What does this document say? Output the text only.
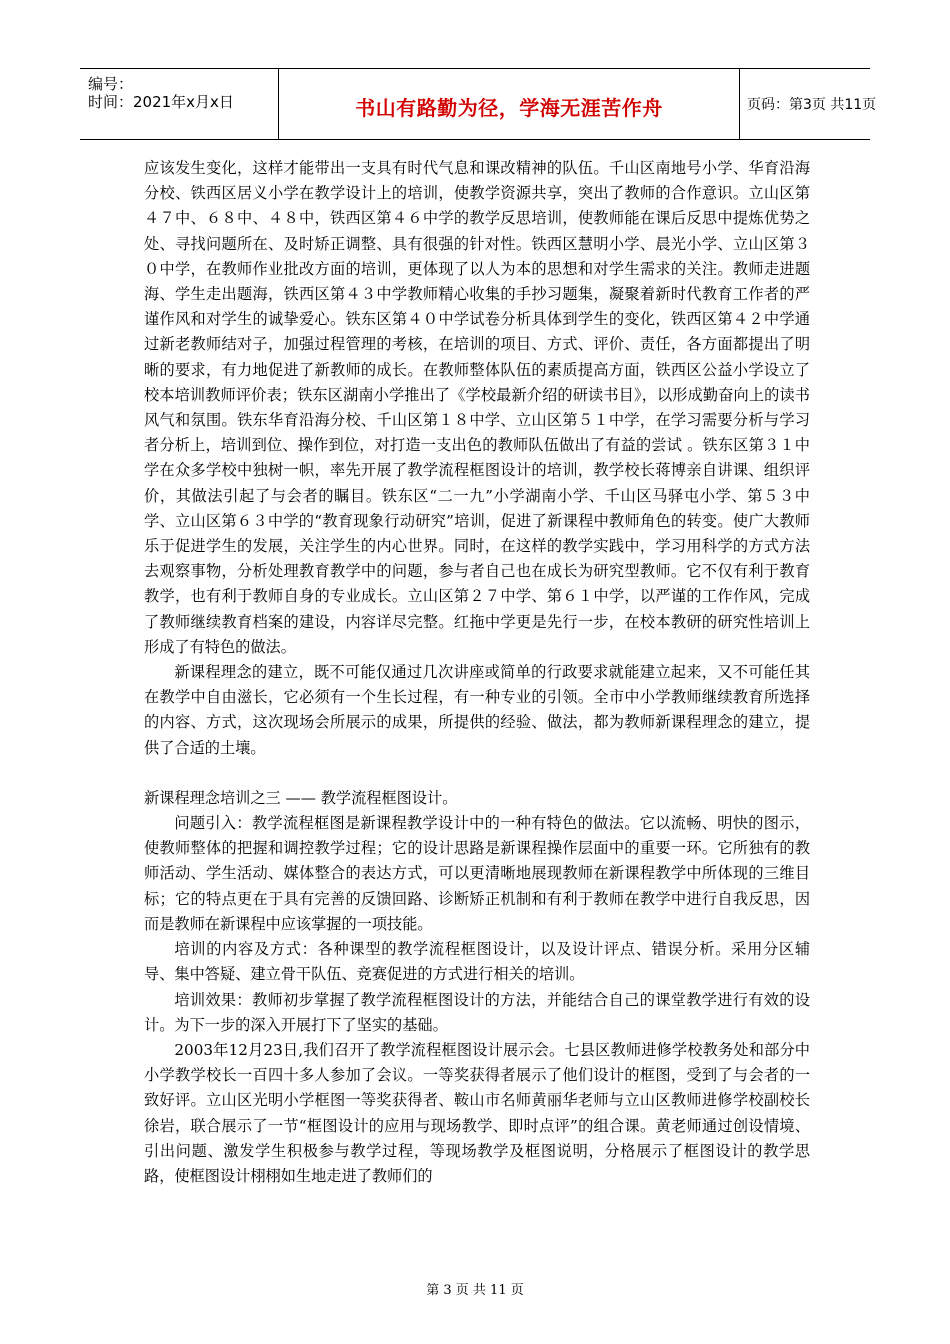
编号：
时间：2021年x月x日	书山有路勤为径，学海无涯苦作舟	页码：第3页 共11页

应该发生变化，这样才能带出一支具有时代气息和课改精神的队伍。千山区南地号小学、华育沿海分校、铁西区居义小学在教学设计上的培训，使教学资源共享，突出了教师的合作意识。立山区第４７中、６８中、４８中，铁西区第４６中学的教学反思培训，使教师能在课后反思中提炼优势之处、寻找问题所在、及时矫正调整、具有很强的针对性。铁西区慧明小学、晨光小学、立山区第３０中学，在教师作业批改方面的培训，更体现了以人为本的思想和对学生需求的关注。教师走进题海、学生走出题海，铁西区第４３中学教师精心收集的手抄习题集，凝聚着新时代教育工作者的严谨作风和对学生的诚挚爱心。铁东区第４０中学试卷分析具体到学生的变化，铁西区第４２中学通过新老教师结对子，加强过程管理的考核，在培训的项目、方式、评价、责任，各方面都提出了明晰的要求，有力地促进了新教师的成长。在教师整体队伍的素质提高方面，铁西区公益小学设立了校本培训教师评价表；铁东区湖南小学推出了《学校最新介绍的研读书目》，以形成勤奋向上的读书风气和氛围。铁东华育沿海分校、千山区第１８中学、立山区第５１中学，在学习需要分析与学习者分析上，培训到位、操作到位，对打造一支出色的教师队伍做出了有益的尝试 。铁东区第３１中学在众多学校中独树一帜，率先开展了教学流程框图设计的培训，教学校长蒋博亲自讲课、组织评价，其做法引起了与会者的瞩目。铁东区“二一九”小学湖南小学、千山区马驿屯小学、第５３中学、立山区第６３中学的“教育现象行动研究”培训，促进了新课程中教师角色的转变。使广大教师乐于促进学生的发展，关注学生的内心世界。同时，在这样的教学实践中，学习用科学的方式方法去观察事物，分析处理教育教学中的问题，参与者自己也在成长为研究型教师。它不仅有利于教育教学，也有利于教师自身的专业成长。立山区第２７中学、第６１中学，以严谨的工作作风，完成了教师继续教育档案的建设，内容详尽完整。红拖中学更是先行一步，在校本教研的研究性培训上形成了有特色的做法。

新课程理念的建立，既不可能仅通过几次讲座或简单的行政要求就能建立起来，又不可能任其在教学中自由滋长，它必须有一个生长过程，有一种专业的引领。全市中小学教师继续教育所选择的内容、方式，这次现场会所展示的成果，所提供的经验、做法，都为教师新课程理念的建立，提供了合适的土壤。

新课程理念培训之三 —— 教学流程框图设计。

问题引入：教学流程框图是新课程教学设计中的一种有特色的做法。它以流畅、明快的图示，使教师整体的把握和调控教学过程；它的设计思路是新课程操作层面中的重要一环。它所独有的教师活动、学生活动、媒体整合的表达方式，可以更清晰地展现教师在新课程教学中所体现的三维目标；它的特点更在于具有完善的反馈回路、诊断矫正机制和有利于教师在教学中进行自我反思，因而是教师在新课程中应该掌握的一项技能。

培训的内容及方式：各种课型的教学流程框图设计，以及设计评点、错误分析。采用分区辅导、集中答疑、建立骨干队伍、竞赛促进的方式进行相关的培训。

培训效果：教师初步掌握了教学流程框图设计的方法，并能结合自己的课堂教学进行有效的设计。为下一步的深入开展打下了坚实的基础。

2003年12月23日,我们召开了教学流程框图设计展示会。七县区教师进修学校教务处和部分中小学教学校长一百四十多人参加了会议。一等奖获得者展示了他们设计的框图，受到了与会者的一致好评。立山区光明小学框图一等奖获得者、鞍山市名师黄丽华老师与立山区教师进修学校副校长徐岩，联合展示了一节“框图设计的应用与现场教学、即时点评”的组合课。黄老师通过创设情境、引出问题、激发学生积极参与教学过程，等现场教学及框图说明，分格展示了框图设计的教学思路，使框图设计栩栩如生地走进了教师们的

第 3 页 共 11 页
